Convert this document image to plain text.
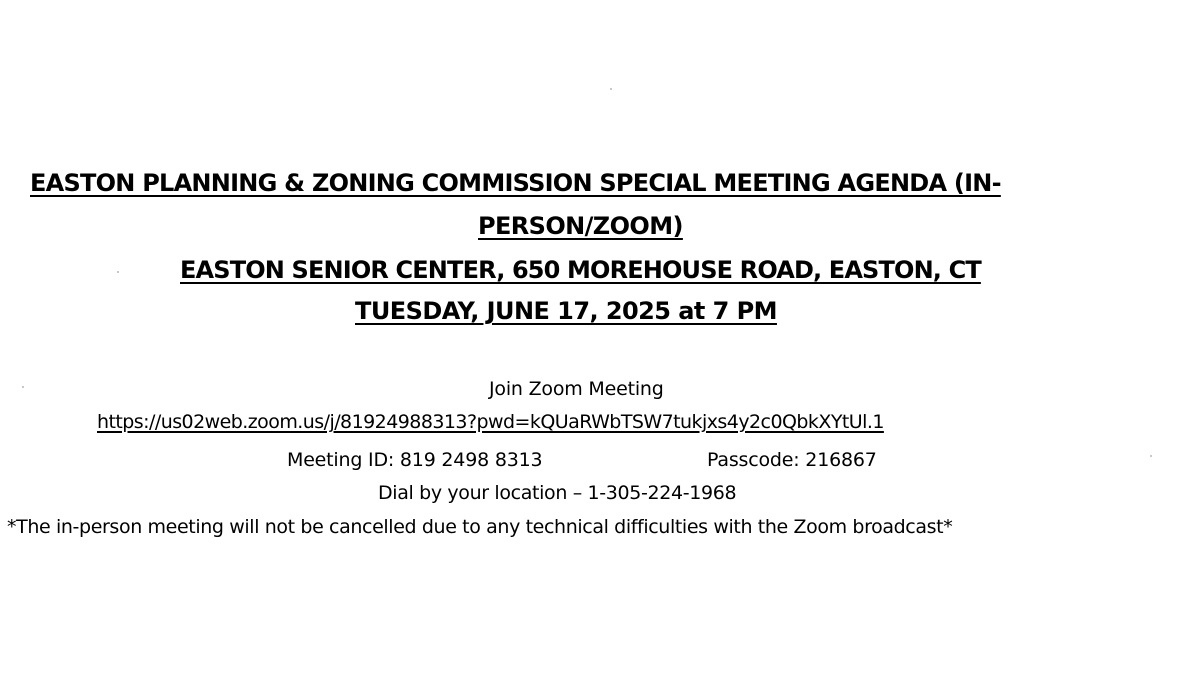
EASTON PLANNING & ZONING COMMISSION SPECIAL MEETING AGENDA (IN-
PERSON/ZOOM)
EASTON SENIOR CENTER, 650 MOREHOUSE ROAD, EASTON, CT
TUESDAY, JUNE 17, 2025 at 7 PM

Join Zoom Meeting

https://us02web.zoom.us/j/81924988313?pwd=kQUaRWbTSW7tukjxs4y2c0QbkXYtUl.1

Meeting ID: 819 2498 8313	Passcode: 216867

Dial by your location – 1-305-224-1968

*The in-person meeting will not be cancelled due to any technical difficulties with the Zoom broadcast*
